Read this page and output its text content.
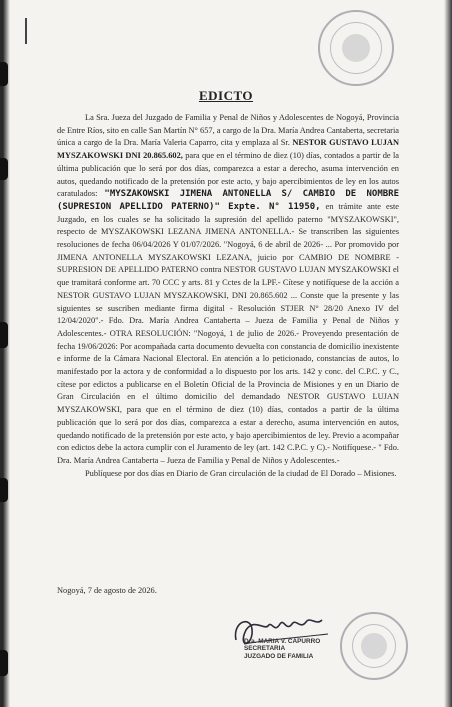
EDICTO

La Sra. Jueza del Juzgado de Familia y Penal de Niños y Adolescentes de Nogoyá, Provincia de Entre Ríos, sito en calle San Martín N° 657, a cargo de la Dra. María Andrea Cantaberta, secretaria única a cargo de la Dra. María Valeria Caparro, cita y emplaza al Sr. NESTOR GUSTAVO LUJAN MYSZAKOWSKI DNI 20.865.602, para que en el término de diez (10) días, contados a partir de la última publicación que lo será por dos días, comparezca a estar a derecho, asuma intervención en autos, quedando notificado de la pretensión por este acto, y bajo apercibimientos de ley en los autos caratulados: "MYSZAKOWSKI JIMENA ANTONELLA S/ CAMBIO DE NOMBRE (SUPRESION APELLIDO PATERNO)" Expte. N° 11950, en trámite ante este Juzgado, en los cuales se ha solicitado la supresión del apellido paterno "MYSZAKOWSKI", respecto de MYSZAKOWSKI LEZANA JIMENA ANTONELLA.- Se transcriben las siguientes resoluciones de fecha 06/04/2026 Y 01/07/2026. "Nogoyá, 6 de abril de 2026- ... Por promovido por JIMENA ANTONELLA MYSZAKOWSKI LEZANA, juicio por CAMBIO DE NOMBRE - SUPRESION DE APELLIDO PATERNO contra NESTOR GUSTAVO LUJAN MYSZAKOWSKI el que tramitará conforme art. 70 CCC y arts. 81 y Cctes de la LPF.- Cítese y notifíquese de la acción a NESTOR GUSTAVO LUJAN MYSZAKOWSKI, DNI 20.865.602 ... Conste que la presente y las siguientes se suscriben mediante firma digital - Resolución STJER N° 28/20 Anexo IV del 12/04/2020".- Fdo. Dra. María Andrea Cantaberta – Jueza de Familia y Penal de Niños y Adolescentes.- OTRA RESOLUCIÓN: "Nogoyá, 1 de julio de 2026.- Proveyendo presentación de fecha 19/06/2026: Por acompañada carta documento devuelta con constancia de domicilio inexistente e informe de la Cámara Nacional Electoral. En atención a lo peticionado, constancias de autos, lo manifestado por la actora y de conformidad a lo dispuesto por los arts. 142 y conc. del C.P.C. y C., cítese por edictos a publicarse en el Boletín Oficial de la Provincia de Misiones y en un Diario de Gran Circulación en el último domicilio del demandado NESTOR GUSTAVO LUJAN MYSZAKOWSKI, para que en el término de diez (10) días, contados a partir de la última publicación que lo será por dos días, comparezca a estar a derecho, asuma intervención en autos, quedando notificado de la pretensión por este acto, y bajo apercibimientos de ley. Previo a acompañar con edictos debe la actora cumplir con el Juramento de ley (art. 142 C.P.C. y C).- Notifíquese.- " Fdo. Dra. María Andrea Cantaberta – Jueza de Familia y Penal de Niños y Adolescentes.-

Publíquese por dos días en Diario de Gran circulación de la ciudad de El Dorado – Misiones.

Nogoyá, 7 de agosto de 2026.
Dra. MARIA V. CAPURRO
SECRETARIA
JUZGADO DE FAMILIA
